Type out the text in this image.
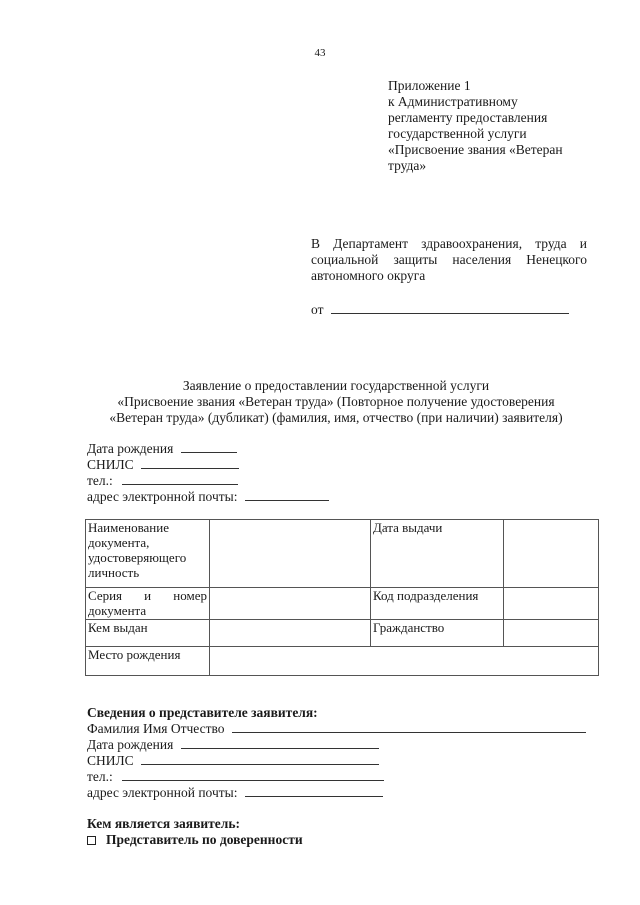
43
Приложение 1
к Административному
регламенту предоставления
государственной услуги
«Присвоение звания «Ветеран
труда»
В Департамент здравоохранения, труда и социальной защиты населения Ненецкого автономного округа
от
Заявление о предоставлении государственной услуги
«Присвоение звания «Ветеран труда» (Повторное получение удостоверения
«Ветеран труда» (дубликат) (фамилия, имя, отчество (при наличии) заявителя)
Дата рождения
СНИЛС
тел.:
адрес электронной почты:
Наименование документа, удостоверяющего личность		Дата выдачи	

Серия и номер
документа		Код подразделения	
Кем выдан		Гражданство	
Место рождения			
Сведения о представителе заявителя:
Фамилия Имя Отчество
Дата рождения
СНИЛС
тел.:
адрес электронной почты:
Кем является заявитель:
Представитель по доверенности
